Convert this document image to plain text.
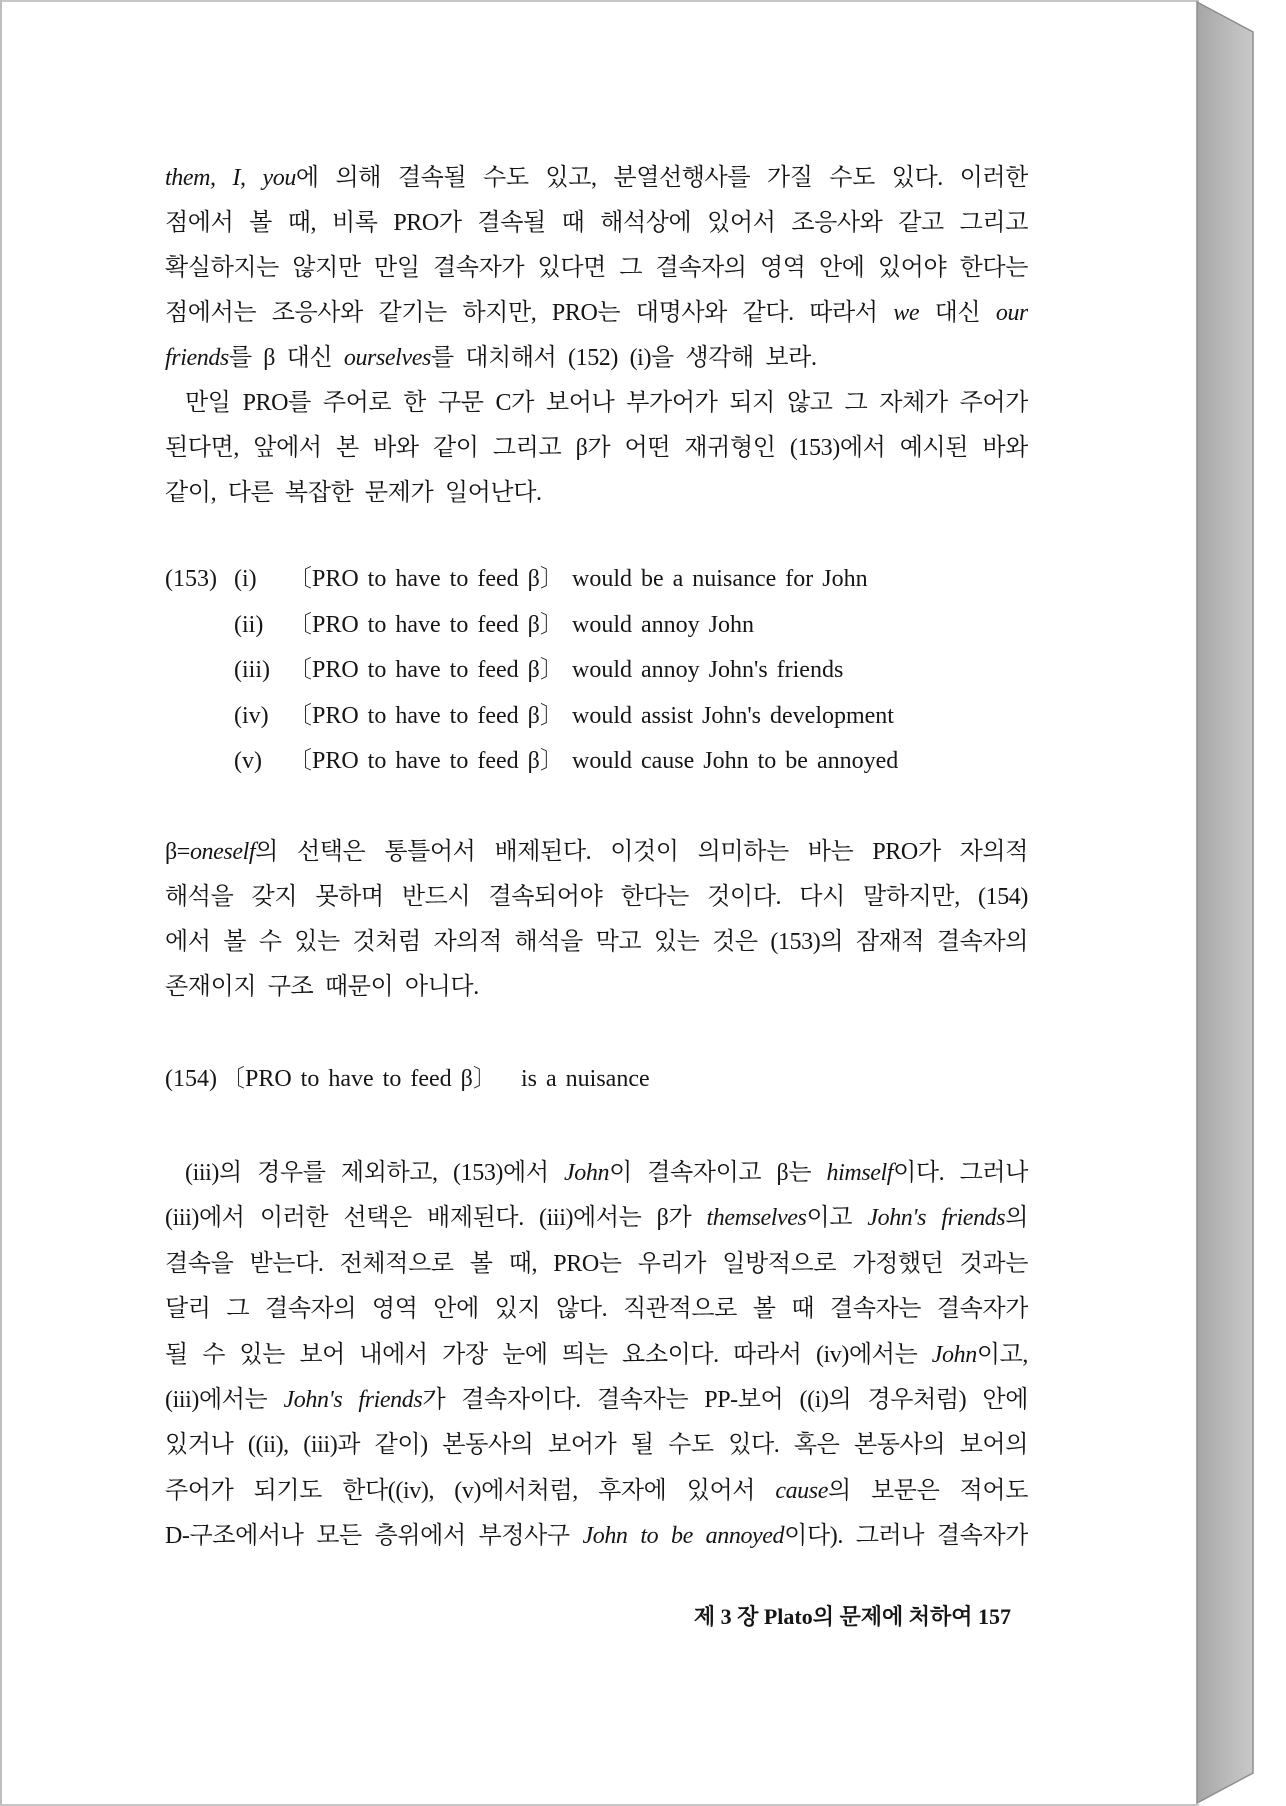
them, I, you에 의해 결속될 수도 있고, 분열선행사를 가질 수도 있다. 이러한
점에서 볼 때, 비록 PRO가 결속될 때 해석상에 있어서 조응사와 같고 그리고
확실하지는 않지만 만일 결속자가 있다면 그 결속자의 영역 안에 있어야 한다는
점에서는 조응사와 같기는 하지만, PRO는 대명사와 같다. 따라서 we 대신 our
friends를 β 대신 ourselves를 대치해서 (152) (i)을 생각해 보라.
만일 PRO를 주어로 한 구문 C가 보어나 부가어가 되지 않고 그 자체가 주어가
된다면, 앞에서 본 바와 같이 그리고 β가 어떤 재귀형인 (153)에서 예시된 바와
같이, 다른 복잡한 문제가 일어난다.
(153) (i) 〔PRO to have to feed β〕 would be a nuisance for John
(ii) 〔PRO to have to feed β〕 would annoy John
(iii) 〔PRO to have to feed β〕 would annoy John's friends
(iv) 〔PRO to have to feed β〕 would assist John's development
(v) 〔PRO to have to feed β〕 would cause John to be annoyed
β=oneself의 선택은 통틀어서 배제된다. 이것이 의미하는 바는 PRO가 자의적
해석을 갖지 못하며 반드시 결속되어야 한다는 것이다. 다시 말하지만, (154)
에서 볼 수 있는 것처럼 자의적 해석을 막고 있는 것은 (153)의 잠재적 결속자의
존재이지 구조 때문이 아니다.
(154) 〔PRO to have to feed β〕 is a nuisance
(iii)의 경우를 제외하고, (153)에서 John이 결속자이고 β는 himself이다. 그러나
(iii)에서 이러한 선택은 배제된다. (iii)에서는 β가 themselves이고 John's friends의
결속을 받는다. 전체적으로 볼 때, PRO는 우리가 일방적으로 가정했던 것과는
달리 그 결속자의 영역 안에 있지 않다. 직관적으로 볼 때 결속자는 결속자가
될 수 있는 보어 내에서 가장 눈에 띄는 요소이다. 따라서 (iv)에서는 John이고,
(iii)에서는 John's friends가 결속자이다. 결속자는 PP-보어 ((i)의 경우처럼) 안에
있거나 ((ii), (iii)과 같이) 본동사의 보어가 될 수도 있다. 혹은 본동사의 보어의
주어가 되기도 한다((iv), (v)에서처럼, 후자에 있어서 cause의 보문은 적어도
D-구조에서나 모든 층위에서 부정사구 John to be annoyed이다). 그러나 결속자가
제 3 장 Plato의 문제에 처하여 157
